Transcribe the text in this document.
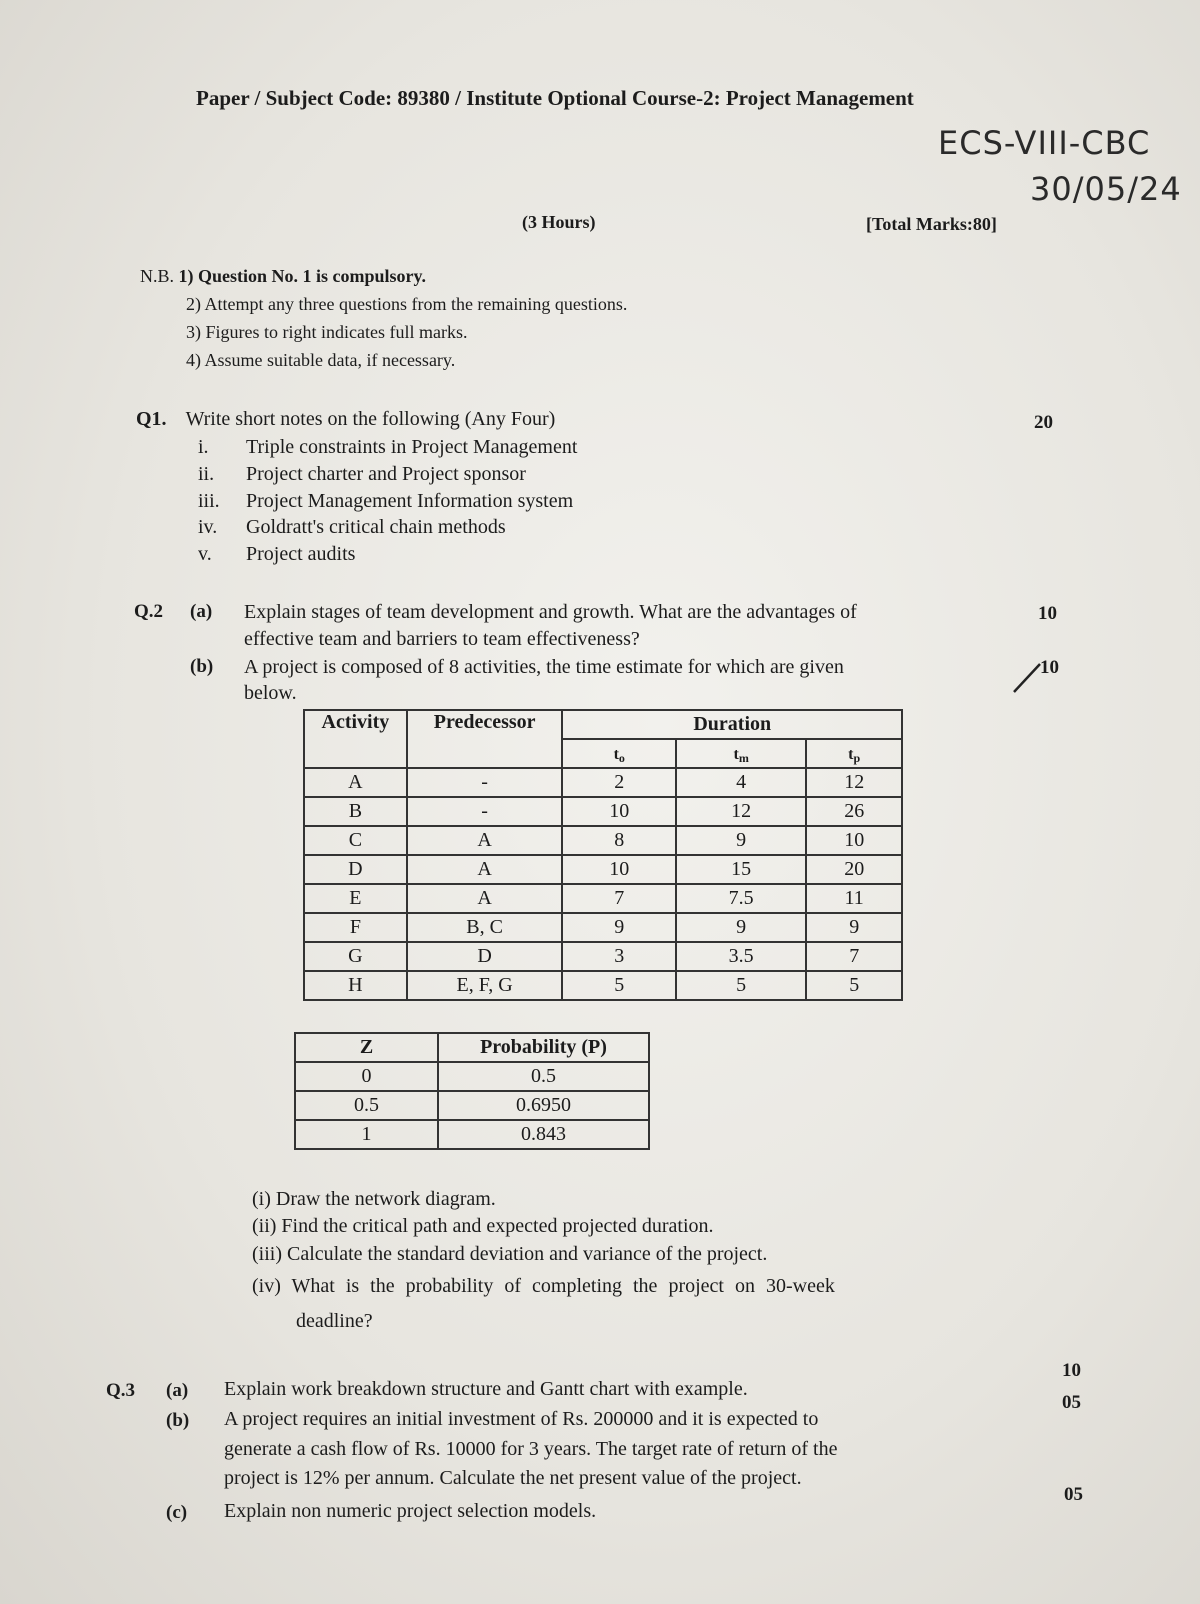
Paper / Subject Code: 89380 / Institute Optional Course-2: Project Management
ECS-VIII-CBC
30/05/24
(3 Hours)	[Total Marks:80]
N.B. 1) Question No. 1 is compulsory.
2) Attempt any three questions from the remaining questions.
3) Figures to right indicates full marks.
4) Assume suitable data, if necessary.
Q1. Write short notes on the following (Any Four)	20
i. Triple constraints in Project Management
ii. Project charter and Project sponsor
iii. Project Management Information system
iv. Goldratt's critical chain methods
v. Project audits
Q.2 (a) Explain stages of team development and growth. What are the advantages of
effective team and barriers to team effectiveness?
10
(b) A project is composed of 8 activities, the time estimate for which are given
below.
10
Activity	Predecessor	Duration		
		$t_o$	$t_m$	$t_p$
A	-	2	4	12
B	-	10	12	26
C	A	8	9	10
D	A	10	15	20
E	A	7	7.5	11
F	B, C	9	9	9
G	D	3	3.5	7
H	E, F, G	5	5	5
Z	Probability (P)
0	0.5
0.5	0.6950
1	0.843
(i) Draw the network diagram.
(ii) Find the critical path and expected projected duration.
(iii) Calculate the standard deviation and variance of the project.
(iv) What is the probability of completing the project on 30-week
deadline?
Q.3 (a) Explain work breakdown structure and Gantt chart with example.
10
(b) A project requires an initial investment of Rs. 200000 and it is expected to
generate a cash flow of Rs. 10000 for 3 years. The target rate of return of the
project is 12% per annum. Calculate the net present value of the project.
05
(c) Explain non numeric project selection models.
05
